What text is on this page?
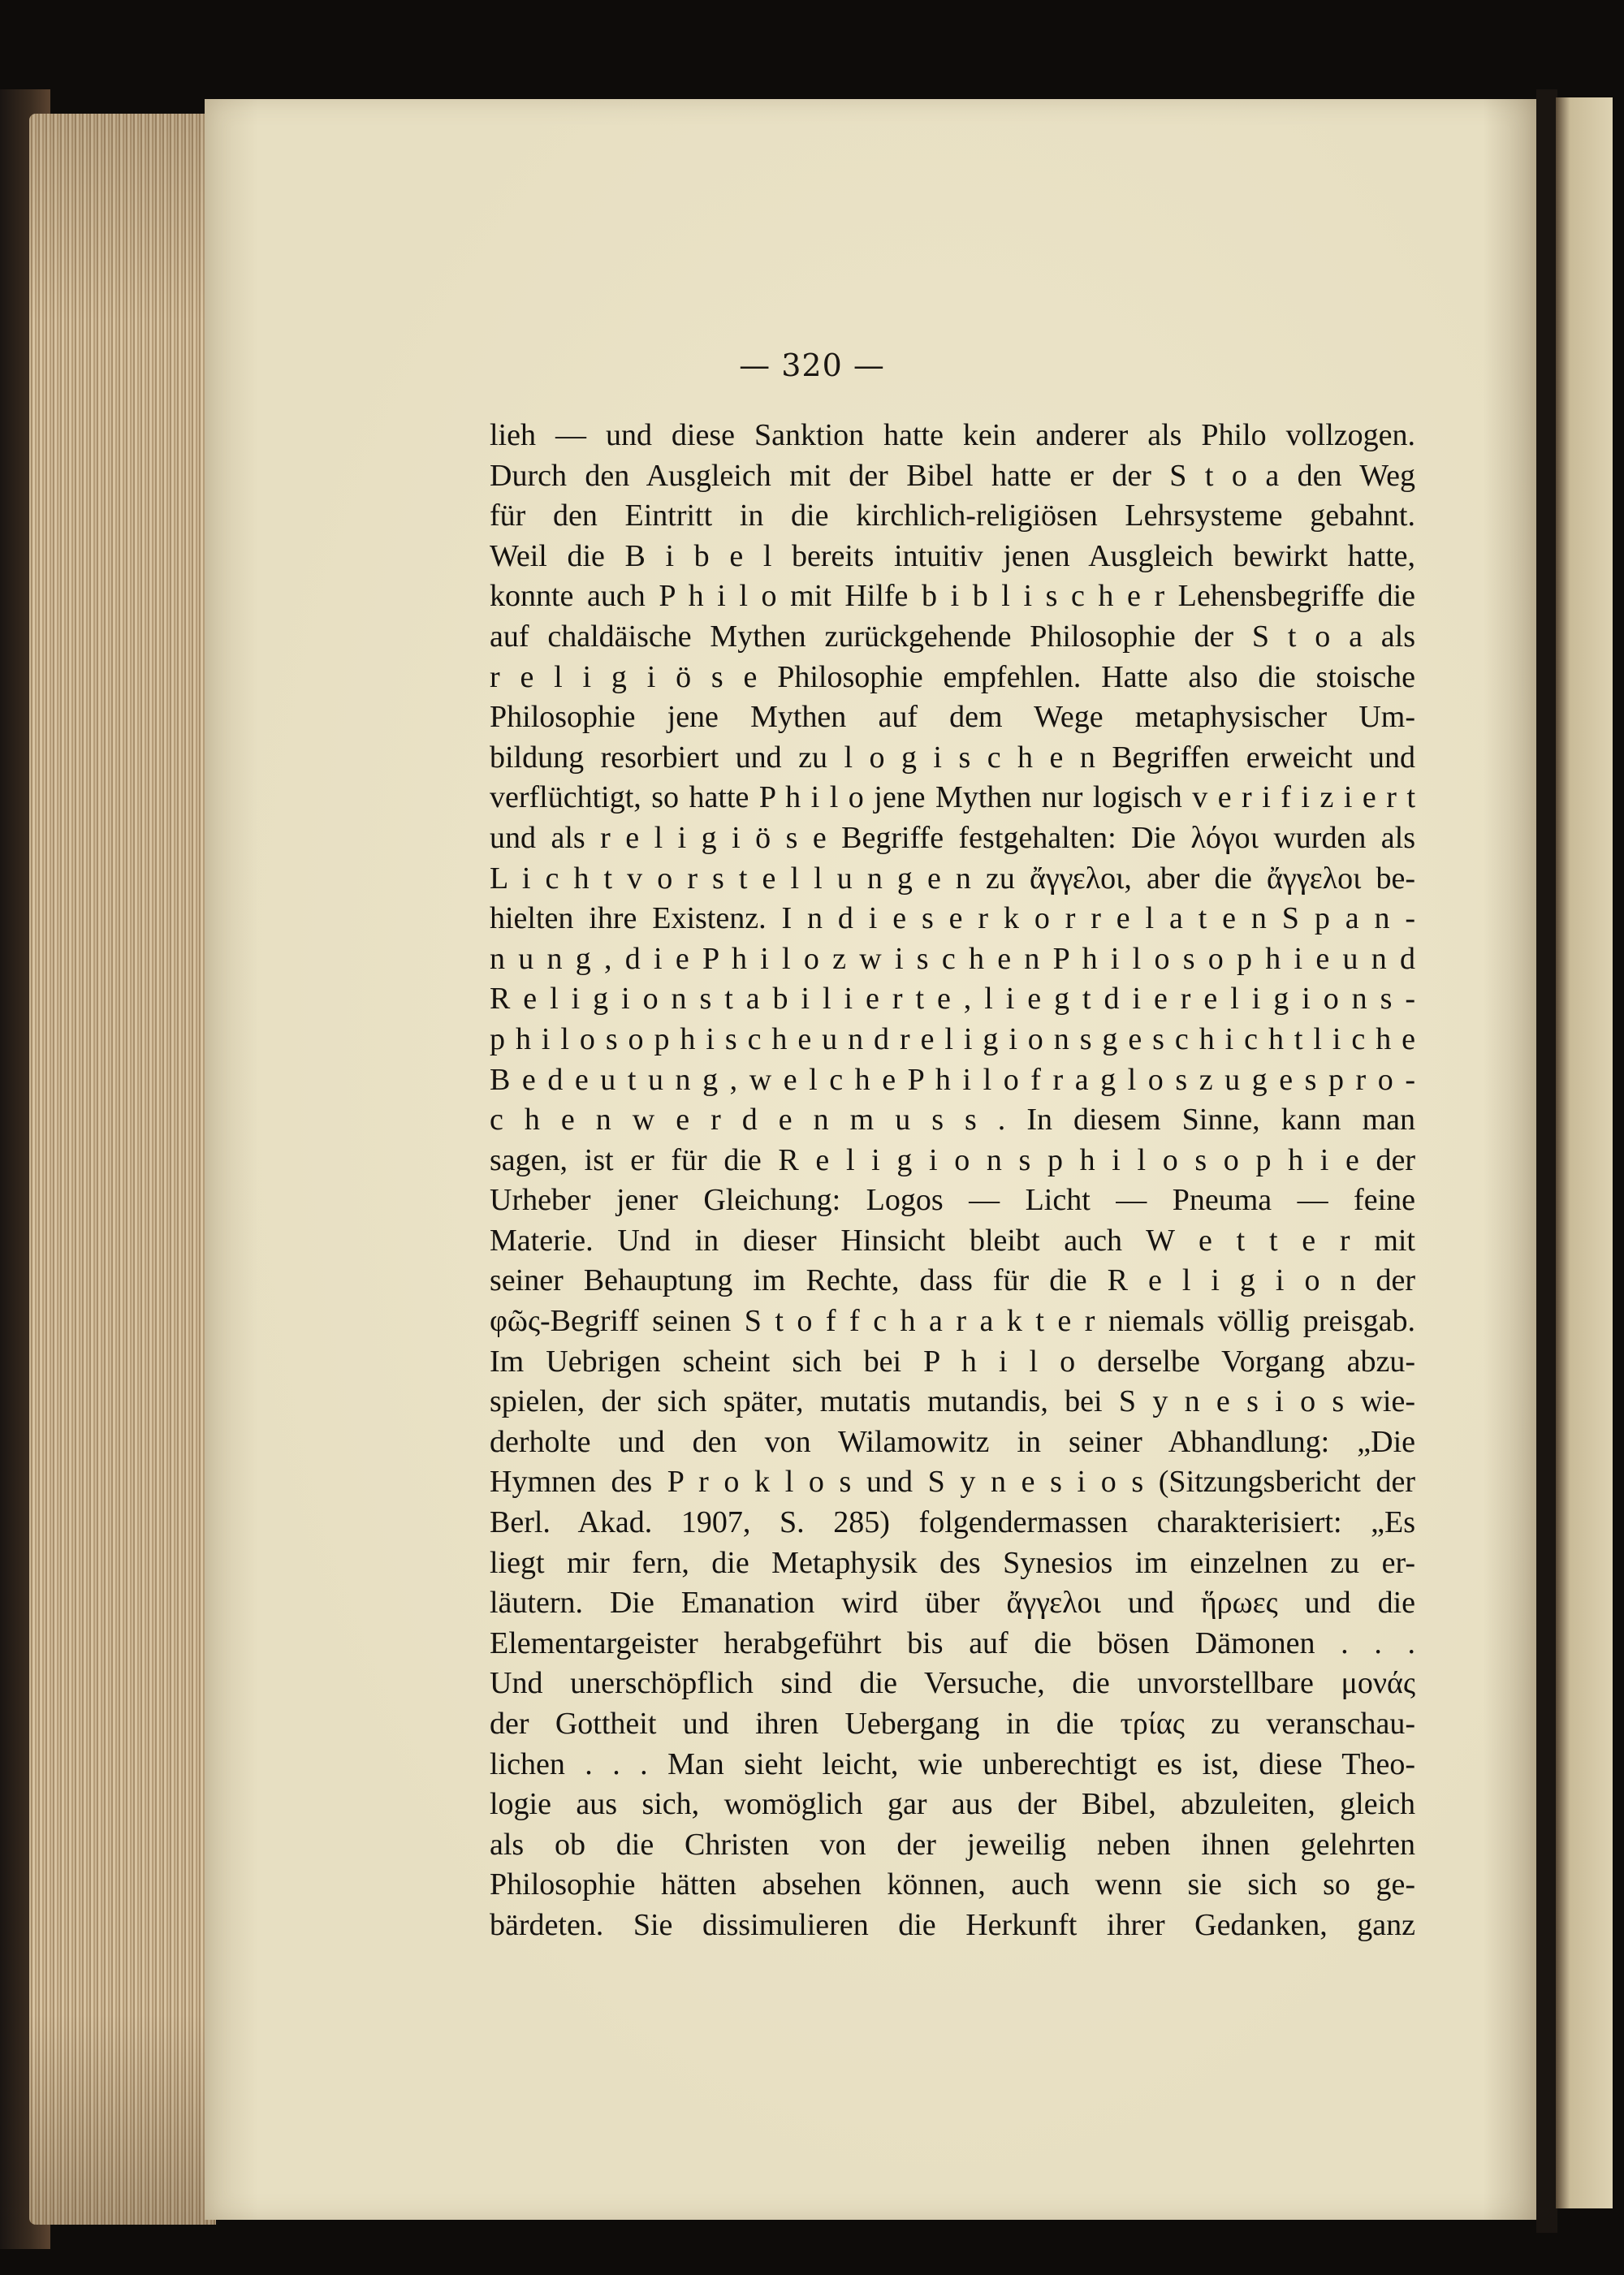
— 320 —
lieh — und diese Sanktion hatte kein anderer als Philo vollzogen.
Durch den Ausgleich mit der Bibel hatte er der S t o a den Weg
für den Eintritt in die kirchlich-religiösen Lehrsysteme gebahnt.
Weil die B i b e l bereits intuitiv jenen Ausgleich bewirkt hatte,
konnte auch P h i l o mit Hilfe b i b l i s c h e r Lehensbegriffe die
auf chaldäische Mythen zurückgehende Philosophie der S t o a als
r e l i g i ö s e Philosophie empfehlen. Hatte also die stoische
Philosophie jene Mythen auf dem Wege metaphysischer Um-
bildung resorbiert und zu l o g i s c h e n Begriffen erweicht und
verflüchtigt, so hatte P h i l o jene Mythen nur logisch v e r i f i z i e r t
und als r e l i g i ö s e Begriffe festgehalten: Die λόγοι wurden als
L i c h t v o r s t e l l u n g e n zu ἄγγελοι, aber die ἄγγελοι be-
hielten ihre Existenz. I n d i e s e r k o r r e l a t e n S p a n -
n u n g , d i e P h i l o z w i s c h e n P h i l o s o p h i e u n d
R e l i g i o n s t a b i l i e r t e , l i e g t d i e r e l i g i o n s -
p h i l o s o p h i s c h e u n d r e l i g i o n s g e s c h i c h t l i c h e
B e d e u t u n g , w e l c h e P h i l o f r a g l o s z u g e s p r o -
c h e n w e r d e n m u s s . In diesem Sinne, kann man
sagen, ist er für die R e l i g i o n s p h i l o s o p h i e der
Urheber jener Gleichung: Logos — Licht — Pneuma — feine
Materie. Und in dieser Hinsicht bleibt auch W e t t e r mit
seiner Behauptung im Rechte, dass für die R e l i g i o n der
φῶς-Begriff seinen S t o f f c h a r a k t e r niemals völlig preisgab.
Im Uebrigen scheint sich bei P h i l o derselbe Vorgang abzu-
spielen, der sich später, mutatis mutandis, bei S y n e s i o s wie-
derholte und den von Wilamowitz in seiner Abhandlung: „Die
Hymnen des P r o k l o s und S y n e s i o s (Sitzungsbericht der
Berl. Akad. 1907, S. 285) folgendermassen charakterisiert: „Es
liegt mir fern, die Metaphysik des Synesios im einzelnen zu er-
läutern. Die Emanation wird über ἄγγελοι und ἥρωες und die
Elementargeister herabgeführt bis auf die bösen Dämonen . . .
Und unerschöpflich sind die Versuche, die unvorstellbare μονάς
der Gottheit und ihren Uebergang in die τρίας zu veranschau-
lichen . . . Man sieht leicht, wie unberechtigt es ist, diese Theo-
logie aus sich, womöglich gar aus der Bibel, abzuleiten, gleich
als ob die Christen von der jeweilig neben ihnen gelehrten
Philosophie hätten absehen können, auch wenn sie sich so ge-
bärdeten. Sie dissimulieren die Herkunft ihrer Gedanken, ganz
